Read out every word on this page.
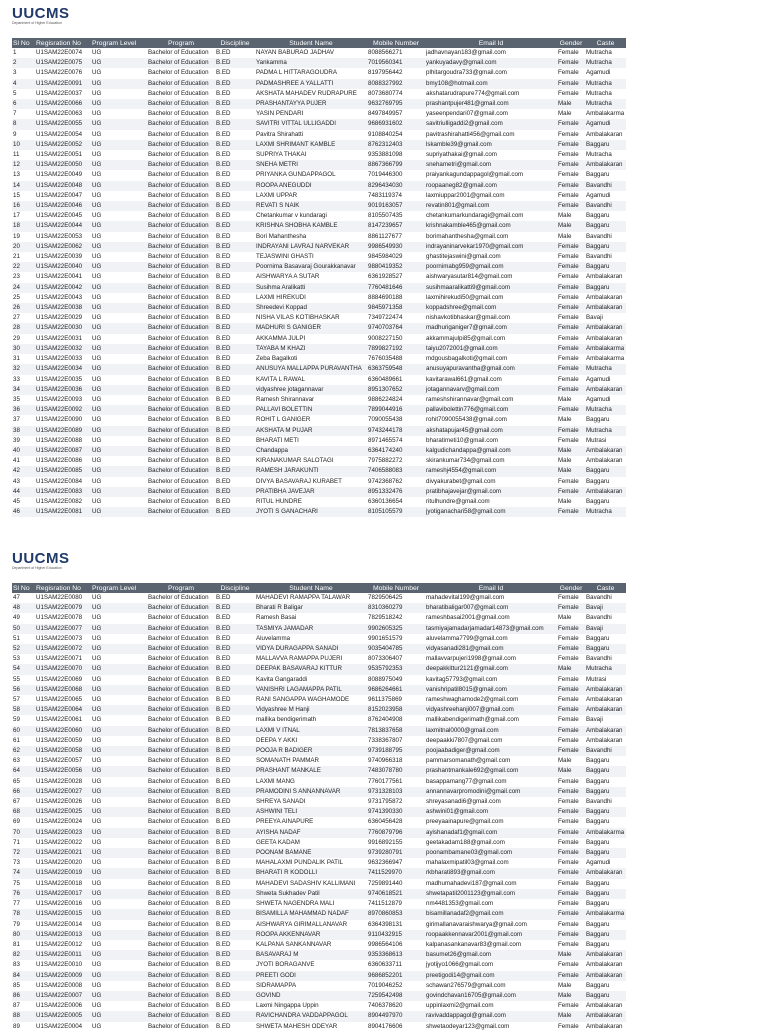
UUCMS
Department of Higher Education
Sl No	Regisration No	Program Level	Program	Discipline	Student Name	Mobile Number	Email Id	Gender	Caste
1	U1SAM22E0074	UG	Bachelor of Education	B.ED	NAYAN BABURAO JADHAV	8088566271	jadhavnayan183@gmail.com	Female	Mutracha
2	U1SAM22E0075	UG	Bachelor of Education	B.ED	Yankamma	7019560341	yankuyadavy@gmail.com	Female	Mutracha
3	U1SAM22E0076	UG	Bachelor of Education	B.ED	PADMA L HITTARAGOUDRA	8197956442	plhitargoudra733@gmail.com	Female	Agamudi
4	U1SAM22E0091	UG	Bachelor of Education	B.ED	PADMASHREE A YALLATTI	8088327992	bmy108@hotmail.com	Female	Mutracha
5	U1SAM22E0037	UG	Bachelor of Education	B.ED	AKSHATA MAHADEV RUDRAPURE	8073680774	akshatarudrapure774@gmail.com	Female	Mutracha
6	U1SAM22E0066	UG	Bachelor of Education	B.ED	PRASHANTAYYA PUJER	9632769795	prashantpujer481@gmail.com	Male	Mutracha
7	U1SAM22E0063	UG	Bachelor of Education	B.ED	YASIN PENDARI	8497849957	yaseenpendari07@gmail.com	Male	Ambalakarma
8	U1SAM22E0055	UG	Bachelor of Education	B.ED	SAVITRI VITTAL ULLIGADDI	9686931602	savitriulligaddi2@gmail.com	Female	Agamudi
9	U1SAM22E0054	UG	Bachelor of Education	B.ED	Pavitra Shirahatti	9108840254	pavitrashirahatti456@gmail.com	Female	Ambalakaran
10	U1SAM22E0052	UG	Bachelor of Education	B.ED	LAXMI SHRIMANT KAMBLE	8762312403	lskamble39@gmail.com	Female	Baggaru
11	U1SAM22E0051	UG	Bachelor of Education	B.ED	SUPRIYA THAKAI	9353881098	supriyathakai@gmail.com	Female	Mutracha
12	U1SAM22E0050	UG	Bachelor of Education	B.ED	SNEHA METRI	8867366799	snehametri@gmail.com	Female	Ambalakaran
13	U1SAM22E0049	UG	Bachelor of Education	B.ED	PRIYANKA GUNDAPPAGOL	7019446300	praiyankagundappagol@gmail.com	Female	Baggaru
14	U1SAM22E0048	UG	Bachelor of Education	B.ED	ROOPA ANEGUDDI	8296434030	roopaaneg82@gmail.com	Female	Bavandhi
15	U1SAM22E0047	UG	Bachelor of Education	B.ED	LAXMI UPPAR	7483119374	laxmiuppar2001@gmail.com	Female	Agamudi
16	U1SAM22E0046	UG	Bachelor of Education	B.ED	REVATI S NAIK	9019163057	revatin801@gmail.com	Female	Bavandhi
17	U1SAM22E0045	UG	Bachelor of Education	B.ED	Chetankumar v kundaragi	8105507435	chetankumarkundaragi@gmail.com	Male	Baggaru
18	U1SAM22E0044	UG	Bachelor of Education	B.ED	KRISHNA SHOBHA KAMBLE	8147239657	krishnakamble465@gmail.com	Male	Baggaru
19	U1SAM22E0053	UG	Bachelor of Education	B.ED	Bori Mahanthesha	8861127677	borimahanthesha@gmail.com	Male	Bavandhi
20	U1SAM22E0062	UG	Bachelor of Education	B.ED	INDRAYANI LAVRAJ NARVEKAR	9986549930	indrayaninarvekar1970@gmail.com	Female	Baggaru
21	U1SAM22E0039	UG	Bachelor of Education	B.ED	TEJASWINI GHASTI	9845984029	ghastitejaswini@gmail.com	Female	Bavandhi
22	U1SAM22E0040	UG	Bachelor of Education	B.ED	Poornima Basavaraj Gourakkanavar	9880419352	poornimabg959@gmail.com	Female	Baggaru
23	U1SAM22E0041	UG	Bachelor of Education	B.ED	AISHWARYA A SUTAR	6361928527	aishwaryasutar814@gmail.com	Female	Ambalakaran
24	U1SAM22E0042	UG	Bachelor of Education	B.ED	Susihma Aralikatti	7760481646	susihmaaralikatti9@gmail.com	Female	Baggaru
25	U1SAM22E0043	UG	Bachelor of Education	B.ED	LAXMI HIREKUDI	8884690188	laxmihirekudi50@gmail.com	Female	Ambalakaran
26	U1SAM22E0038	UG	Bachelor of Education	B.ED	Shreedevi Koppad	9845971358	koppadshree@gmail.com	Female	Ambalakaran
27	U1SAM22E0029	UG	Bachelor of Education	B.ED	NISHA VILAS KOTIBHASKAR	7349722474	nishavkotibhaskar@gmail.com	Female	Bavaji
28	U1SAM22E0030	UG	Bachelor of Education	B.ED	MADHURI S GANIGER	9740703764	madhuriganiger7@gmail.com	Female	Ambalakaran
29	U1SAM22E0031	UG	Bachelor of Education	B.ED	AKKAMMA JULPI	9008227150	akkammajulpi85@gmail.com	Female	Ambalakaran
30	U1SAM22E0032	UG	Bachelor of Education	B.ED	TAYABA M KHAZI	7899827192	taiyu2072001@gmail.com	Female	Ambalakarma
31	U1SAM22E0033	UG	Bachelor of Education	B.ED	Zeba Bagalkoti	7676035488	mdgousbagalkoti@gmail.com	Female	Ambalakarma
32	U1SAM22E0034	UG	Bachelor of Education	B.ED	ANUSUYA MALLAPPA PURAVANTHA	6363759548	anusuyapuravantha@gmail.com	Female	Mutracha
33	U1SAM22E0035	UG	Bachelor of Education	B.ED	KAVITA L RAWAL	6360489661	kavitarawal661@gmail.com	Female	Agamudi
34	U1SAM22E0036	UG	Bachelor of Education	B.ED	vidyashree jotagannavar	8951307652	jotagannavarv@gmail.com	Female	Ambalakaran
35	U1SAM22E0093	UG	Bachelor of Education	B.ED	Ramesh Shirannavar	9886224824	rameshshirannavar@gmail.com	Male	Agamudi
36	U1SAM22E0092	UG	Bachelor of Education	B.ED	PALLAVI BOLETTIN	7899044916	pallavibolettin776@gmail.com	Female	Mutracha
37	U1SAM22E0090	UG	Bachelor of Education	B.ED	ROHIT L GANIGER	7090055438	rohit7090055438@gmail.com	Male	Baggaru
38	U1SAM22E0089	UG	Bachelor of Education	B.ED	AKSHATA M PUJAR	9743244178	akshatapujar45@gmail.com	Female	Mutracha
39	U1SAM22E0088	UG	Bachelor of Education	B.ED	BHARATI METI	8971465574	bharatimeti10@gmail.com	Female	Mutrasi
40	U1SAM22E0087	UG	Bachelor of Education	B.ED	Chandappa	6364174240	kalgudichandappa@gmail.com	Male	Ambalakaran
41	U1SAM22E0086	UG	Bachelor of Education	B.ED	KIRANAKUMAR SALOTAGI	7975882272	skirankumar734@gmail.com	Male	Ambalakaran
42	U1SAM22E0085	UG	Bachelor of Education	B.ED	RAMESH JARAKUNTI	7406588083	rameshj4554@gmail.com	Male	Baggaru
43	U1SAM22E0084	UG	Bachelor of Education	B.ED	DIVYA BASAVARAJ KURABET	9742368762	divyakurabet@gmail.com	Female	Baggaru
44	U1SAM22E0083	UG	Bachelor of Education	B.ED	PRATIBHA JAVEJAR	8951332476	pratibhajavejar@gmail.com	Female	Ambalakaran
45	U1SAM22E0082	UG	Bachelor of Education	B.ED	RITUL HUNDRE	6360136654	ritulhundre@gmail.com	Male	Baggaru
46	U1SAM22E0081	UG	Bachelor of Education	B.ED	JYOTI S GANACHARI	8105105579	jyotiganachari58@gmail.com	Female	Mutracha
UUCMS
Department of Higher Education
Sl No	Regisration No	Program Level	Program	Discipline	Student Name	Mobile Number	Email Id	Gender	Caste
47	U1SAM22E0080	UG	Bachelor of Education	B.ED	MAHADEVI RAMAPPA TALAWAR	7829506425	mahadevital199@gmail.com	Female	Bavandhi
48	U1SAM22E0079	UG	Bachelor of Education	B.ED	Bharati R Baligar	8310360279	bharatibaligar007@gmail.com	Female	Bavaji
49	U1SAM22E0078	UG	Bachelor of Education	B.ED	Ramesh Basai	7829518242	rameshbasai2001@gmail.com	Male	Bavandhi
50	U1SAM22E0077	UG	Bachelor of Education	B.ED	TASMIYA JAMADAR	9902605325	tasmiyajamadarjamadar14873@gmail.com	Female	Bavaji
51	U1SAM22E0073	UG	Bachelor of Education	B.ED	Aluvelamma	9901651579	aluvelamma7799@gmail.com	Female	Baggaru
52	U1SAM22E0072	UG	Bachelor of Education	B.ED	VIDYA DURAGAPPA SANADI	9035404785	vidyasanadi281@gmail.com	Female	Baggaru
53	U1SAM22E0071	UG	Bachelor of Education	B.ED	MALLAVVA RAMAPPA PUJERI	8073306407	mallavvarpujeri1998@gmail.com	Female	Bavandhi
54	U1SAM22E0070	UG	Bachelor of Education	B.ED	DEEPAK BASAVARAJ KITTUR	9535792353	deepakkittur2121@gmail.com	Male	Mutracha
55	U1SAM22E0069	UG	Bachelor of Education	B.ED	Kavita Gangaraddi	8088975049	kavitag57793@gmail.com	Female	Mutrasi
56	U1SAM22E0068	UG	Bachelor of Education	B.ED	VANISHRI LAGAMAPPA PATIL	9686264661	vanishripatil8015@gmail.com	Female	Ambalakaran
57	U1SAM22E0065	UG	Bachelor of Education	B.ED	RANI SANGAPPA WAGHAMODE	9611375869	rameshwaghamode2@gmail.com	Female	Ambalakaran
58	U1SAM22E0064	UG	Bachelor of Education	B.ED	Vidyashree M Hanji	8152023958	vidyashreehanji007@gmail.com	Female	Ambalakaran
59	U1SAM22E0061	UG	Bachelor of Education	B.ED	mallika bendigerimath	8762404908	mallikabendigerimath@gmail.com	Female	Bavaji
60	U1SAM22E0060	UG	Bachelor of Education	B.ED	LAXMI V ITNAL	7813837658	laxmitnal0000@gmail.com	Female	Ambalakaran
61	U1SAM22E0059	UG	Bachelor of Education	B.ED	DEEPA Y AKKI	7338367807	deepaakki7807@gmail.com	Female	Ambalakaran
62	U1SAM22E0058	UG	Bachelor of Education	B.ED	POOJA R BADIGER	9739188795	poojaabadiger@gmail.com	Female	Bavandhi
63	U1SAM22E0057	UG	Bachelor of Education	B.ED	SOMANATH PAMMAR	9740966318	pammarsomanath@gmail.com	Male	Baggaru
64	U1SAM22E0056	UG	Bachelor of Education	B.ED	PRASHANT MANKALE	7483078780	prashantmankale692@gmail.com	Male	Baggaru
65	U1SAM22E0028	UG	Bachelor of Education	B.ED	LAXMI MANG	7760177561	basappamang77@gmail.com	Female	Baggaru
66	U1SAM22E0027	UG	Bachelor of Education	B.ED	PRAMODINI S ANNANNAVAR	9731328103	annannavarpromodini@gmail.com	Female	Baggaru
67	U1SAM22E0026	UG	Bachelor of Education	B.ED	SHREYA SANADI	9731795872	shreyasanadi6@gmail.com	Female	Bavandhi
68	U1SAM22E0025	UG	Bachelor of Education	B.ED	ASHWINI TELI	9741390330	ashwini01@gmail.com	Female	Baggaru
69	U1SAM22E0024	UG	Bachelor of Education	B.ED	PREEYA AINAPURE	6360456428	preeyaainapure@gmail.com	Female	Baggaru
70	U1SAM22E0023	UG	Bachelor of Education	B.ED	AYISHA NADAF	7760879796	ayishanadaf1@gmail.com	Female	Ambalakarma
71	U1SAM22E0022	UG	Bachelor of Education	B.ED	GEETA KADAM	9916892155	geetakadam188@gmail.com	Female	Baggaru
72	U1SAM22E0021	UG	Bachelor of Education	B.ED	POONAM BAMANE	9739280791	poonambamane03@gmail.com	Female	Baggaru
73	U1SAM22E0020	UG	Bachelor of Education	B.ED	MAHALAXMI PUNDALIK PATIL	9632366947	mahalaxmipatil03@gmail.com	Female	Agamudi
74	U1SAM22E0019	UG	Bachelor of Education	B.ED	BHARATI R KODOLLI	7411529970	rkbharati893@gmail.com	Female	Ambalakaran
75	U1SAM22E0018	UG	Bachelor of Education	B.ED	MAHADEVI SADASHIV KALLIMANI	7259891440	madhumahadevi187@gmail.com	Female	Baggaru
76	U1SAM22E0017	UG	Bachelor of Education	B.ED	Shweta Sukhadev Patil	9740618521	shwetapatil2001123@gmail.com	Female	Baggaru
77	U1SAM22E0016	UG	Bachelor of Education	B.ED	SHWETA NAGENDRA MALI	7411512879	nm4481353@gmail.com	Female	Baggaru
78	U1SAM22E0015	UG	Bachelor of Education	B.ED	BISAMILLA MAHAMMAD NADAF	8970860853	bisamillanadaf2@gmail.com	Female	Ambalakarma
79	U1SAM22E0014	UG	Bachelor of Education	B.ED	AISHWARYA GIRIMALLANAVAR	6364398131	girimallanavaraishwarya@gmail.com	Female	Baggaru
80	U1SAM22E0013	UG	Bachelor of Education	B.ED	ROOPA AKKENNAVAR	9110432915	roopaakkennavar2001@gmail.com	Female	Baggaru
81	U1SAM22E0012	UG	Bachelor of Education	B.ED	KALPANA SANKANNAVAR	9986564106	kalpanasankanavar83@gmail.com	Female	Baggaru
82	U1SAM22E0011	UG	Bachelor of Education	B.ED	BASAVARAJ M	9353368613	basumet26@gmail.com	Male	Ambalakaran
83	U1SAM22E0010	UG	Bachelor of Education	B.ED	JYOTI BORAGANVE	6360633711	jyotijyo1066@gmail.com	Female	Ambalakaran
84	U1SAM22E0009	UG	Bachelor of Education	B.ED	PREETI GODI	9686852201	preetigodi14@gmail.com	Female	Ambalakaran
85	U1SAM22E0008	UG	Bachelor of Education	B.ED	SIDRAMAPPA	7019046252	schawan276579@gmail.com	Male	Baggaru
86	U1SAM22E0007	UG	Bachelor of Education	B.ED	GOVIND	7259542498	govindchavan16705@gmail.com	Male	Baggaru
87	U1SAM22E0006	UG	Bachelor of Education	B.ED	Laxmi Ningappa Uppin	7406378620	uppinlaxmi2@gmail.com	Female	Ambalakaran
88	U1SAM22E0005	UG	Bachelor of Education	B.ED	RAVICHANDRA VADDAPPAGOL	8904497970	ravivaddappagol@gmail.com	Male	Ambalakaran
89	U1SAM22E0004	UG	Bachelor of Education	B.ED	SHWETA MAHESH ODEYAR	8904176606	shwetaodeyar123@gmail.com	Female	Ambalakaran
